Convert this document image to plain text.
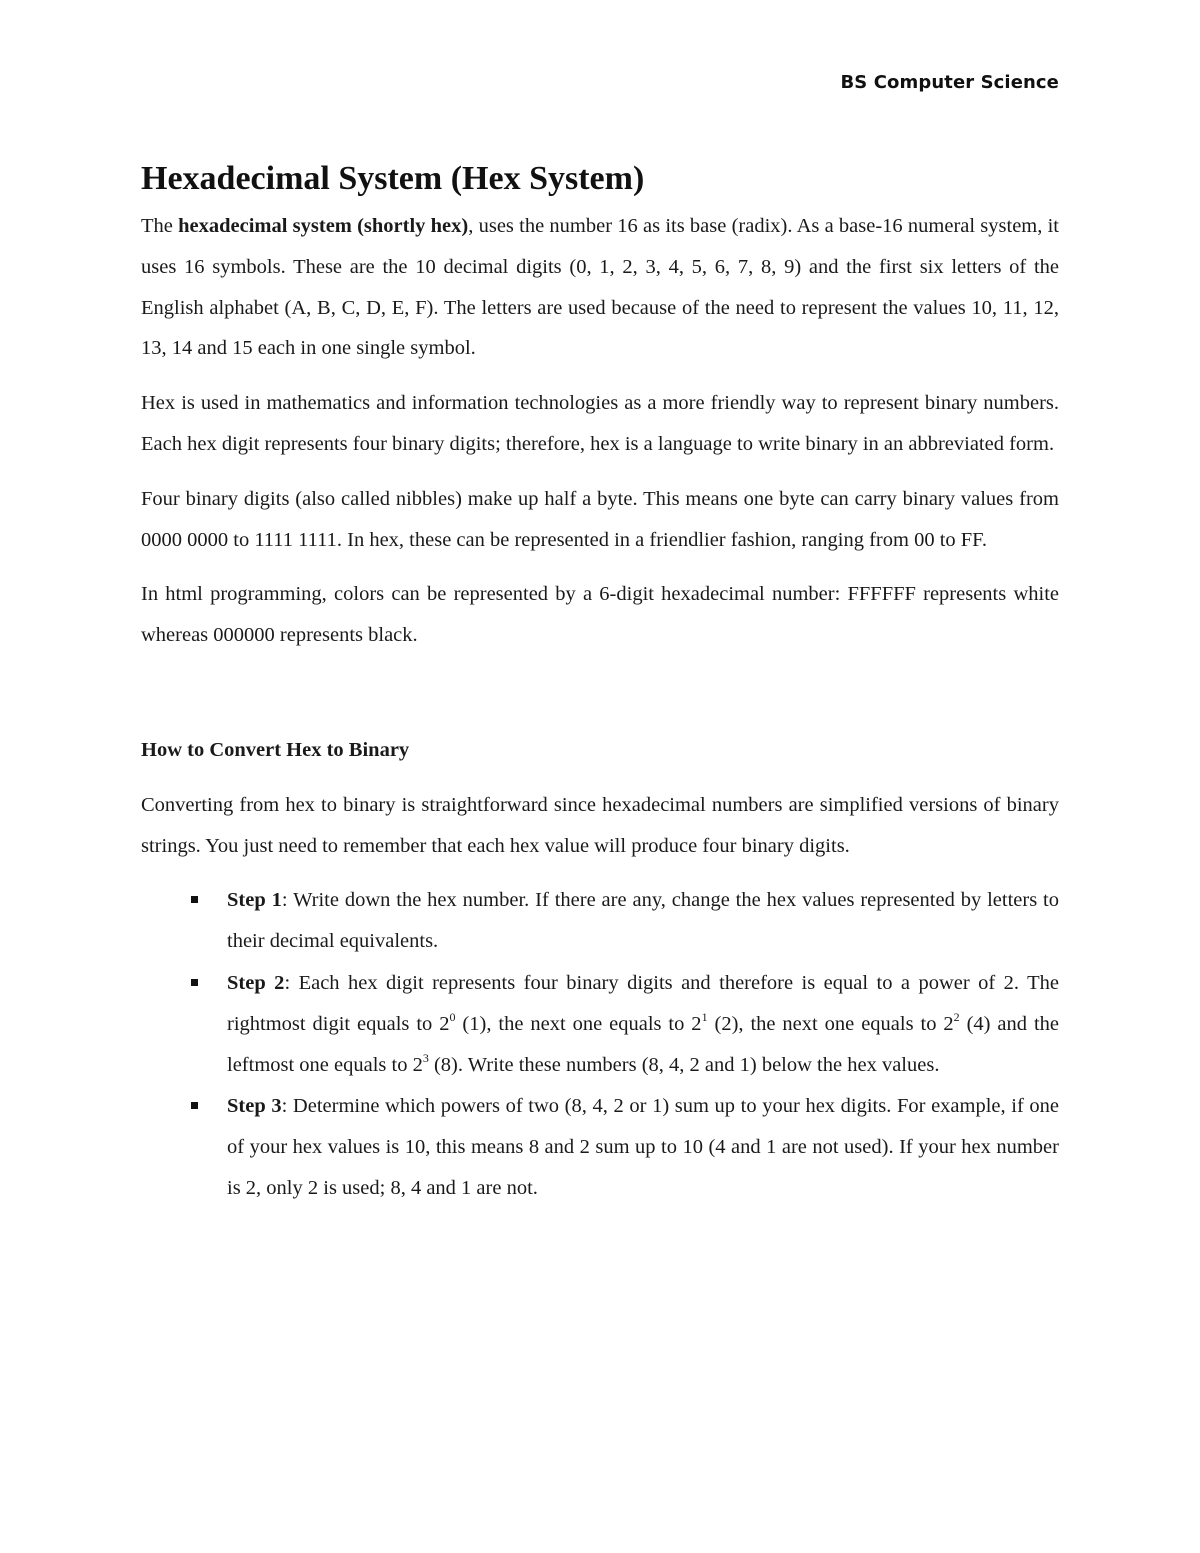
BS Computer Science
Hexadecimal System (Hex System)

The hexadecimal system (shortly hex), uses the number 16 as its base (radix). As a base-16 numeral system, it uses 16 symbols. These are the 10 decimal digits (0, 1, 2, 3, 4, 5, 6, 7, 8, 9) and the first six letters of the English alphabet (A, B, C, D, E, F). The letters are used because of the need to represent the values 10, 11, 12, 13, 14 and 15 each in one single symbol.

Hex is used in mathematics and information technologies as a more friendly way to represent binary numbers. Each hex digit represents four binary digits; therefore, hex is a language to write binary in an abbreviated form.

Four binary digits (also called nibbles) make up half a byte. This means one byte can carry binary values from 0000 0000 to 1111 1111. In hex, these can be represented in a friendlier fashion, ranging from 00 to FF.

In html programming, colors can be represented by a 6-digit hexadecimal number: FFFFFF represents white whereas 000000 represents black.

How to Convert Hex to Binary

Converting from hex to binary is straightforward since hexadecimal numbers are simplified versions of binary strings. You just need to remember that each hex value will produce four binary digits.

Step 1: Write down the hex number. If there are any, change the hex values represented by letters to their decimal equivalents.
Step 2: Each hex digit represents four binary digits and therefore is equal to a power of 2. The rightmost digit equals to $2^0$ (1), the next one equals to $2^1$ (2), the next one equals to $2^2$ (4) and the leftmost one equals to $2^3$ (8). Write these numbers (8, 4, 2 and 1) below the hex values.
Step 3: Determine which powers of two (8, 4, 2 or 1) sum up to your hex digits. For example, if one of your hex values is 10, this means 8 and 2 sum up to 10 (4 and 1 are not used). If your hex number is 2, only 2 is used; 8, 4 and 1 are not.
